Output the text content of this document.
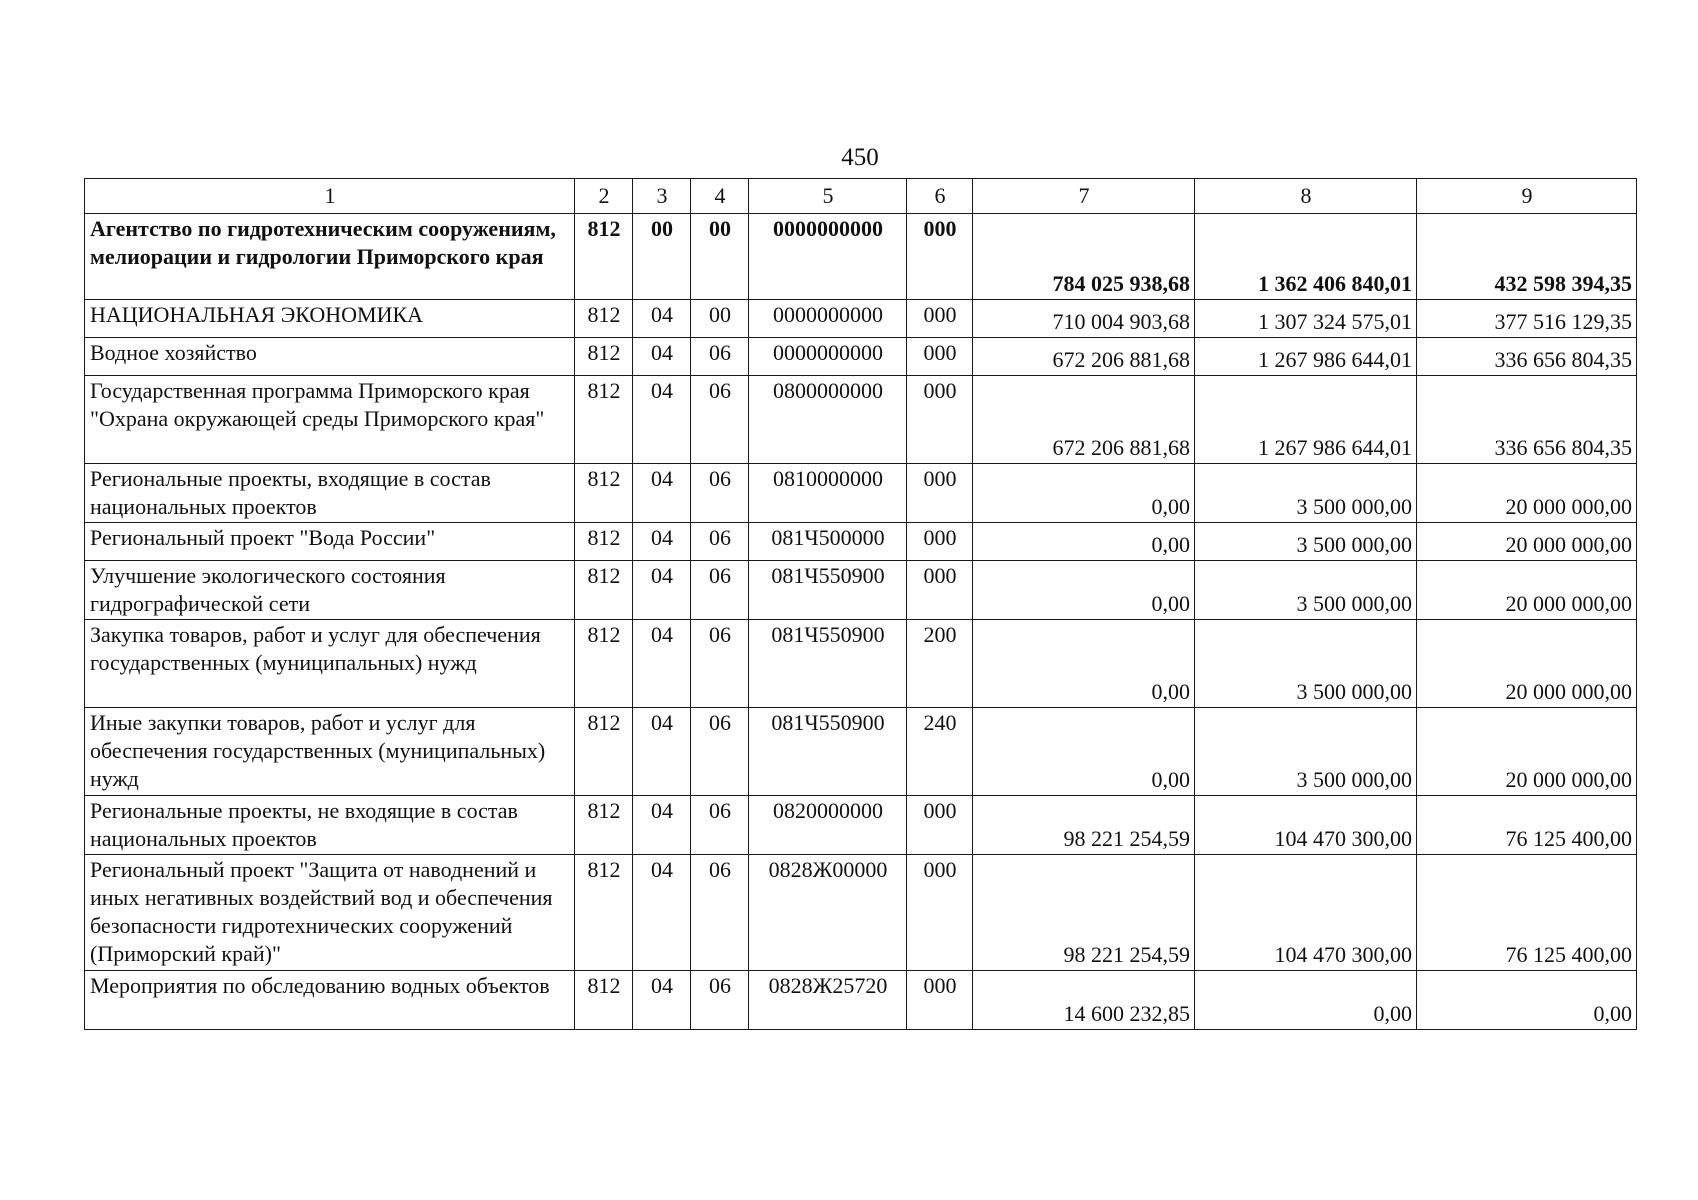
450
1	2	3	4	5	6	7	8	9
Агентство по гидротехническим сооружениям, мелиорации и гидрологии Приморского края	812	00	00	0000000000	000	784 025 938,68	1 362 406 840,01	432 598 394,35
НАЦИОНАЛЬНАЯ ЭКОНОМИКА	812	04	00	0000000000	000	710 004 903,68	1 307 324 575,01	377 516 129,35
Водное хозяйство	812	04	06	0000000000	000	672 206 881,68	1 267 986 644,01	336 656 804,35
Государственная программа Приморского края "Охрана окружающей среды Приморского края"	812	04	06	0800000000	000	672 206 881,68	1 267 986 644,01	336 656 804,35
Региональные проекты, входящие в состав национальных проектов	812	04	06	0810000000	000	0,00	3 500 000,00	20 000 000,00
Региональный проект "Вода России"	812	04	06	081Ч500000	000	0,00	3 500 000,00	20 000 000,00
Улучшение экологического состояния гидрографической сети	812	04	06	081Ч550900	000	0,00	3 500 000,00	20 000 000,00
Закупка товаров, работ и услуг для обеспечения государственных (муниципальных) нужд	812	04	06	081Ч550900	200	0,00	3 500 000,00	20 000 000,00
Иные закупки товаров, работ и услуг для обеспечения государственных (муниципальных) нужд	812	04	06	081Ч550900	240	0,00	3 500 000,00	20 000 000,00
Региональные проекты, не входящие в состав национальных проектов	812	04	06	0820000000	000	98 221 254,59	104 470 300,00	76 125 400,00
Региональный проект "Защита от наводнений и иных негативных воздействий вод и обеспечения безопасности гидротехнических сооружений (Приморский край)"	812	04	06	0828Ж00000	000	98 221 254,59	104 470 300,00	76 125 400,00
Мероприятия по обследованию водных объектов	812	04	06	0828Ж25720	000	14 600 232,85	0,00	0,00
